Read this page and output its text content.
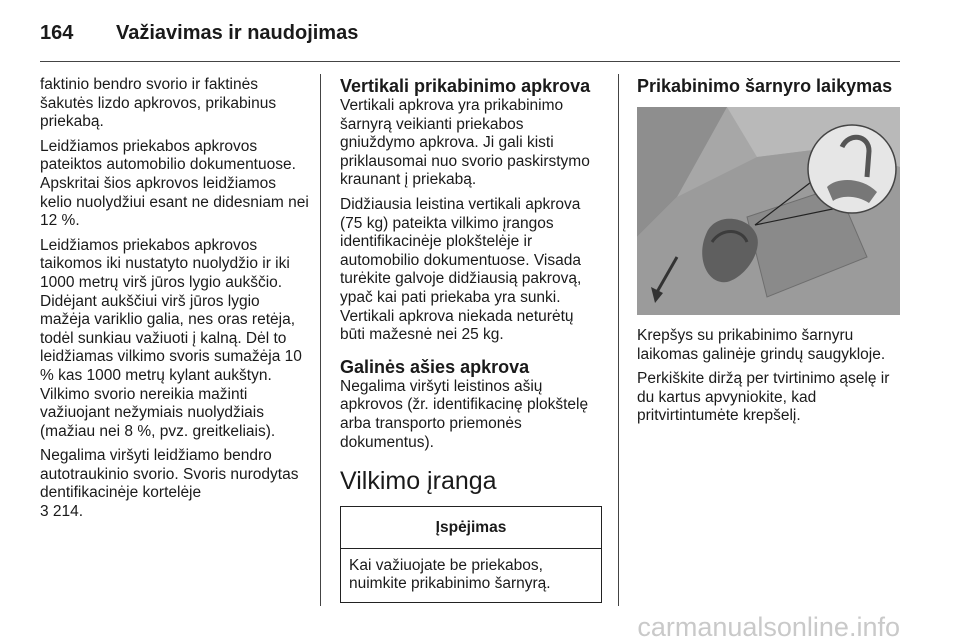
164 Važiavimas ir naudojimas

faktinio bendro svorio ir faktinės šakutės lizdo apkrovos, prikabinus priekabą.

Leidžiamos priekabos apkrovos pateiktos automobilio dokumentuose. Apskritai šios apkrovos leidžiamos kelio nuolydžiui esant ne didesniam nei 12 %.

Leidžiamos priekabos apkrovos taikomos iki nustatyto nuolydžio ir iki 1000 metrų virš jūros lygio aukščio. Didėjant aukščiui virš jūros lygio mažėja variklio galia, nes oras retėja, todėl sunkiau važiuoti į kalną. Dėl to leidžiamas vilkimo svoris sumažėja 10 % kas 1000 metrų kylant aukštyn. Vilkimo svorio nereikia mažinti važiuojant nežymiais nuolydžiais (mažiau nei 8 %, pvz. greitkeliais).

Negalima viršyti leidžiamo bendro autotraukinio svorio. Svoris nurodytas dentifikacinėje kortelėje

3 214.

Vertikali prikabinimo apkrova

Vertikali apkrova yra prikabinimo šarnyrą veikianti priekabos gniuždymo apkrova. Ji gali kisti priklausomai nuo svorio paskirstymo kraunant į priekabą.

Didžiausia leistina vertikali apkrova (75 kg) pateikta vilkimo įrangos identifikacinėje plokštelėje ir automobilio dokumentuose. Visada turėkite galvoje didžiausią pakrovą, ypač kai pati priekaba yra sunki. Vertikali apkrova niekada neturėtų būti mažesnė nei 25 kg.

Galinės ašies apkrova

Negalima viršyti leistinos ašių apkrovos (žr. identifikacinę plokštelę arba transporto priemonės dokumentus).

Vilkimo įranga
Įspėjimas
Kai važiuojate be priekabos, nuimkite prikabinimo šarnyrą.
Prikabinimo šarnyro laikymas

Krepšys su prikabinimo šarnyru laikomas galinėje grindų saugykloje.

Perkiškite diržą per tvirtinimo ąselę ir du kartus apvyniokite, kad pritvirtintumėte krepšelį.

carmanualsonline.info
